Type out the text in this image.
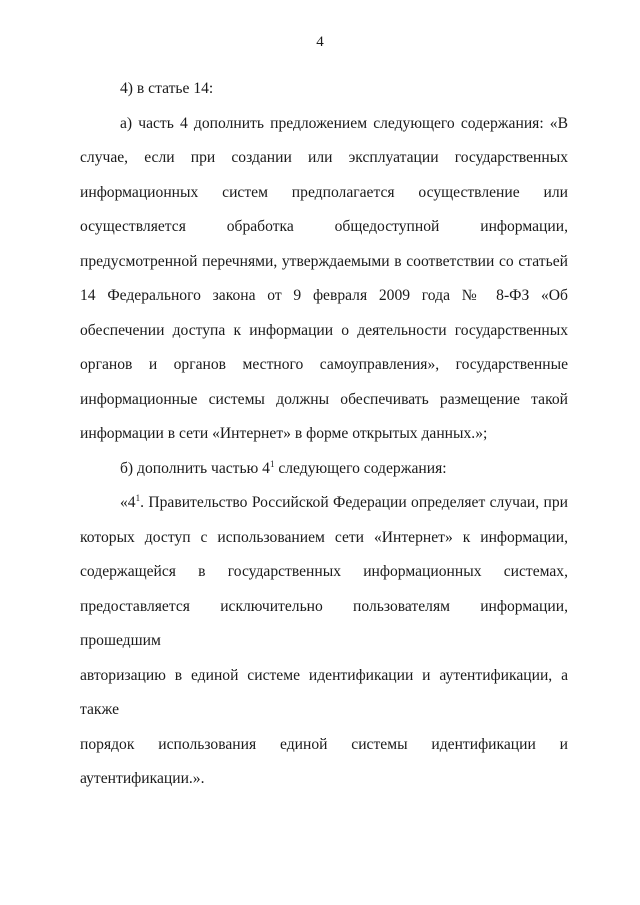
4

4) в статье 14:

а) часть 4 дополнить предложением следующего содержания: «В

случае, если при создании или эксплуатации государственных

информационных систем предполагается осуществление или

осуществляется обработка общедоступной информации, предусмотренной перечнями, утверждаемыми в соответствии со статьей 14 Федерального закона от 9 февраля 2009 года № 8-ФЗ «Об обеспечении доступа к информации о деятельности государственных органов и органов местного самоуправления», государственные информационные системы должны обеспечивать размещение такой информации в сети «Интернет» в форме открытых данных.»;

б) дополнить частью $4^1$ следующего содержания:

«$4^1$. Правительство Российской Федерации определяет случаи, при

которых доступ с использованием сети «Интернет» к информации,

содержащейся в государственных информационных системах,

предоставляется исключительно пользователям информации, прошедшим

авторизацию в единой системе идентификации и аутентификации, а также

порядок использования единой системы идентификации и

аутентификации.».
